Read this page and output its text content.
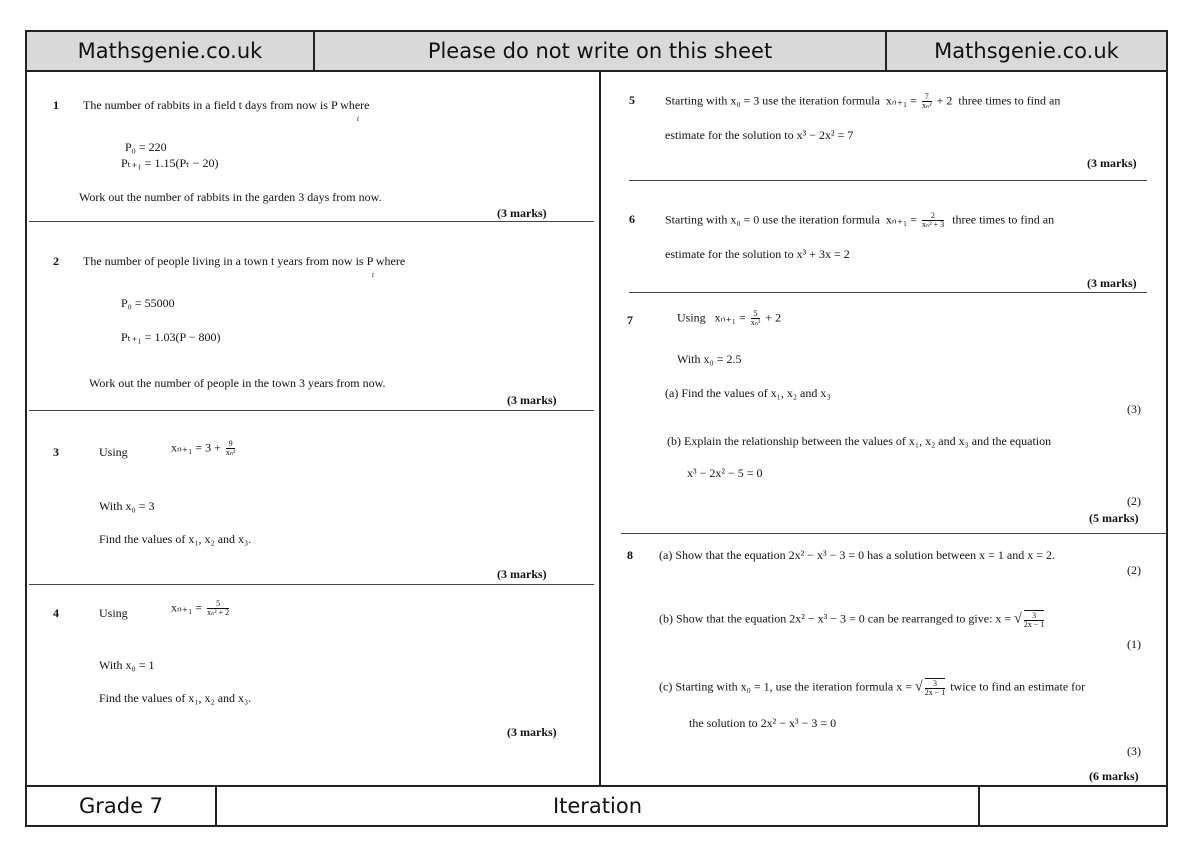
Mathsgenie.co.uk	Please do not write on this sheet	Mathsgenie.co.uk
1 The number of rabbits in a field t days from now is P where
t
P₀ = 220
Pₜ₊₁ = 1.15(Pₜ − 20)
Work out the number of rabbits in the garden 3 days from now.
(3 marks)
2 The number of people living in a town t years from now is P where
t
P₀ = 55000
Pₜ₊₁ = 1.03(P − 800)
Work out the number of people in the town 3 years from now.
(3 marks)
3	Using	$x_{n+1} = 3 + \frac{9}{\text{xₙ²}}$
With x₀ = 3
Find the values of x₁, x₂ and x₃.
(3 marks)
4	Using	$x_{n+1} = \frac{5}{\text{xₙ² + 2}}$
With x₀ = 1
Find the values of x₁, x₂ and x₃.
(3 marks)
5	Starting with x₀ = 3 use the iteration formula $x_{n+1} = \frac{7}{\text{xₙ²}} + 2$ three times to find an
estimate for the solution to x³ − 2x² = 7
(3 marks)
6	Starting with x₀ = 0 use the iteration formula $x_{n+1} = \frac{2}{\text{xₙ² + 3}}$ three times to find an
estimate for the solution to x³ + 3x = 2
(3 marks)
7	Using $x_{n+1} = \frac{5}{\text{xₙ²}} + 2$
With x₀ = 2.5
(a) Find the values of x₁, x₂ and x₃
(3)
(b) Explain the relationship between the values of x₁, x₂ and x₃ and the equation
x³ − 2x² − 5 = 0
(2)
(5 marks)
8 (a) Show that the equation 2x² − x³ − 3 = 0 has a solution between x = 1 and x = 2.
(2)
(b) Show that the equation 2x² − x³ − 3 = 0 can be rearranged to give: x = √ $\frac{3}{2x - 1}$
(1)
(c) Starting with x₀ = 1, use the iteration formula x = √ $\frac{3}{2x - 1}$ twice to find an estimate for
the solution to 2x² − x³ − 3 = 0
(3)
(6 marks)
Grade 7	Iteration
